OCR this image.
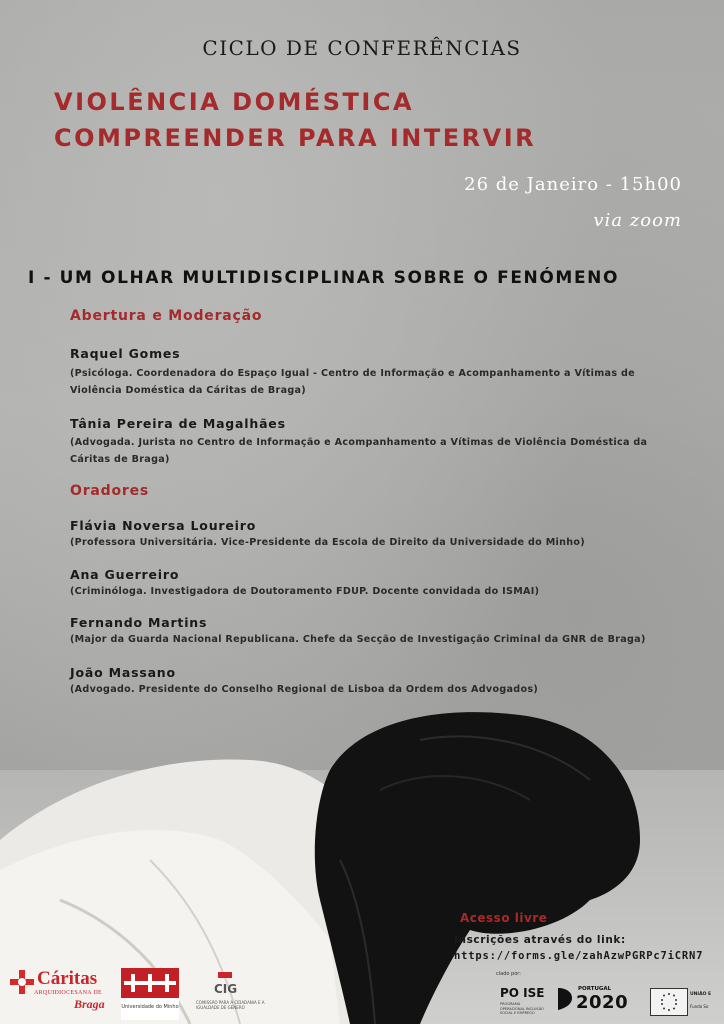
CICLO DE CONFERÊNCIAS
VIOLÊNCIA DOMÉSTICA
COMPREENDER PARA INTERVIR
26 de Janeiro - 15h00
via zoom
I - UM OLHAR MULTIDISCIPLINAR SOBRE O FENÓMENO
Abertura e Moderação
Raquel Gomes
(Psicóloga. Coordenadora do Espaço Igual - Centro de Informação e Acompanhamento a Vítimas de
Violência Doméstica da Cáritas de Braga)
Tânia Pereira de Magalhães
(Advogada. Jurista no Centro de Informação e Acompanhamento a Vítimas de Violência Doméstica da
Cáritas de Braga)
Oradores
Flávia Noversa Loureiro
(Professora Universitária. Vice-Presidente da Escola de Direito da Universidade do Minho)
Ana Guerreiro
(Criminóloga. Investigadora de Doutoramento FDUP. Docente convidada do ISMAI)
Fernando Martins
(Major da Guarda Nacional Republicana. Chefe da Secção de Investigação Criminal da GNR de Braga)
João Massano
(Advogado. Presidente do Conselho Regional de Lisboa da Ordem dos Advogados)
Acesso livre
Inscrições através do link:
https://forms.gle/zahAzwPGRPc7iCRN7
Cáritas
ARQUIDIOCESANA DE
Braga	Universidade do Minho
CIG
COMISSÃO PARA A CIDADANIA E A IGUALDADE DE GÉNERO
ciado por:
PO ISE
PROGRAMA OPERACIONAL INCLUSÃO SOCIAL E EMPREGO
PORTUGAL
2020	UNIÃO E
Fundo So
